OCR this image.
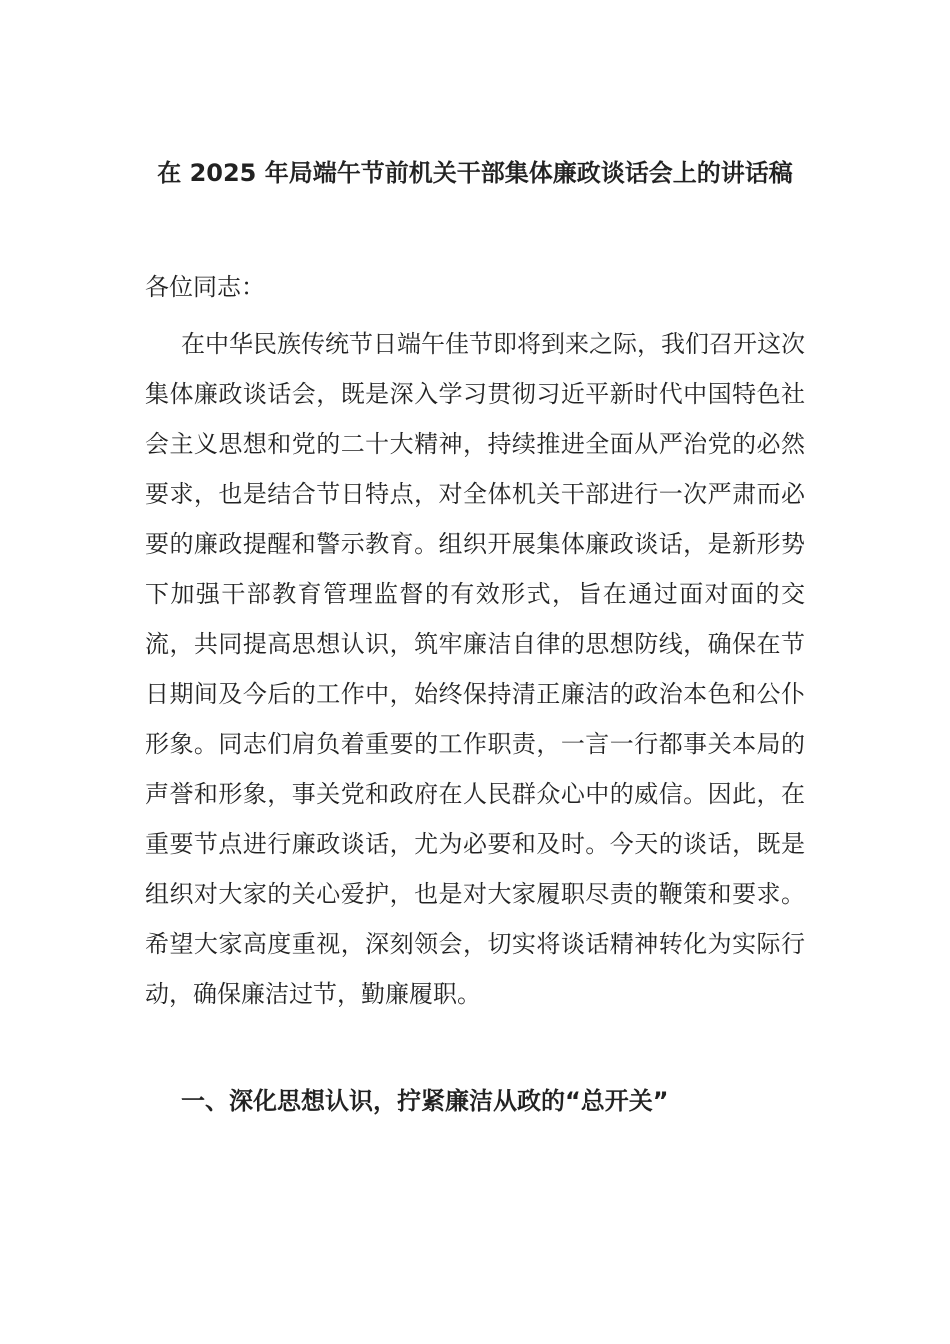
在 2025 年局端午节前机关干部集体廉政谈话会上的讲话稿

各位同志：

在中华民族传统节日端午佳节即将到来之际，我们召开这次集体廉政谈话会，既是深入学习贯彻习近平新时代中国特色社会主义思想和党的二十大精神，持续推进全面从严治党的必然要求，也是结合节日特点，对全体机关干部进行一次严肃而必要的廉政提醒和警示教育。组织开展集体廉政谈话，是新形势下加强干部教育管理监督的有效形式，旨在通过面对面的交流，共同提高思想认识，筑牢廉洁自律的思想防线，确保在节日期间及今后的工作中，始终保持清正廉洁的政治本色和公仆形象。同志们肩负着重要的工作职责，一言一行都事关本局的声誉和形象，事关党和政府在人民群众心中的威信。因此，在重要节点进行廉政谈话，尤为必要和及时。今天的谈话，既是组织对大家的关心爱护，也是对大家履职尽责的鞭策和要求。希望大家高度重视，深刻领会，切实将谈话精神转化为实际行动，确保廉洁过节，勤廉履职。

一、深化思想认识，拧紧廉洁从政的“总开关”
